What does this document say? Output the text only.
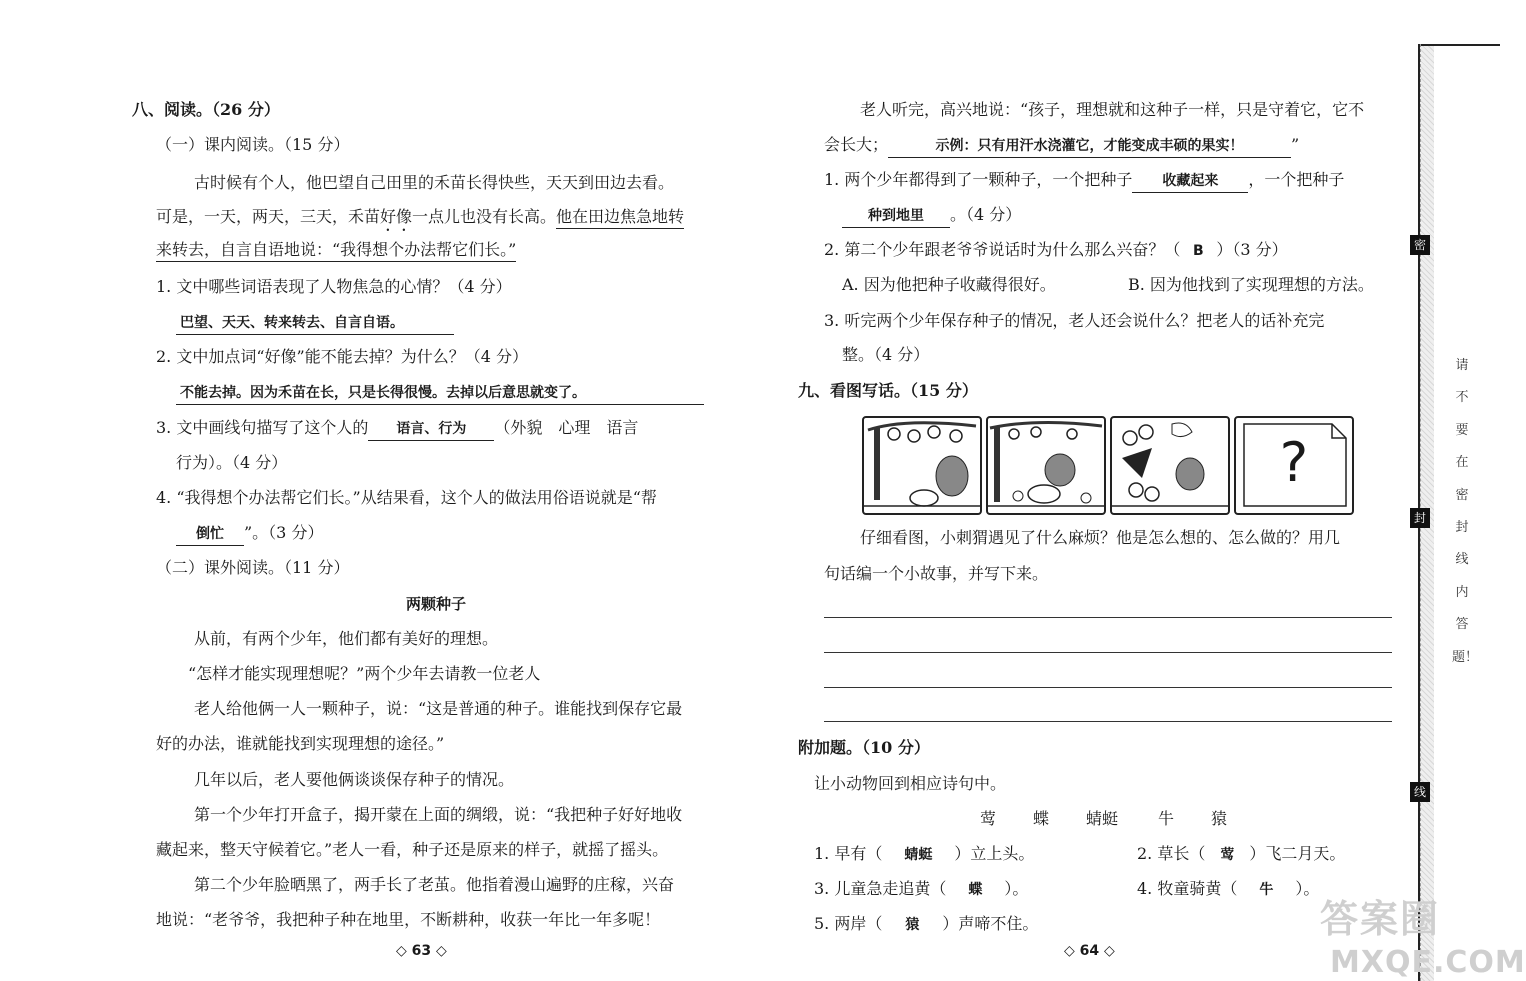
八、阅读。（26 分）
（一）课内阅读。（15 分）
古时候有个人，他巴望自己田里的禾苗长得快些，天天到田边去看。
可是，一天，两天，三天，禾苗好像一点儿也没有长高。他在田边焦急地转
来转去，自言自语地说：“我得想个办法帮它们长。”
1. 文中哪些词语表现了人物焦急的心情？（4 分）
巴望、天天、转来转去、自言自语。
2. 文中加点词“好像”能不能去掉？为什么？（4 分）
不能去掉。因为禾苗在长，只是长得很慢。去掉以后意思就变了。
3. 文中画线句描写了这个人的 语言、行为 （外貌　心理　语言
行为）。（4 分）
4. “我得想个办法帮它们长。”从结果看，这个人的做法用俗语说就是“帮
倒忙 ”。（3 分）
（二）课外阅读。（11 分）
两颗种子
从前，有两个少年，他们都有美好的理想。
“怎样才能实现理想呢？”两个少年去请教一位老人
老人给他俩一人一颗种子，说：“这是普通的种子。谁能找到保存它最
好的办法，谁就能找到实现理想的途径。”
几年以后，老人要他俩谈谈保存种子的情况。
第一个少年打开盒子，揭开蒙在上面的绸缎，说：“我把种子好好地收
藏起来，整天守候着它。”老人一看，种子还是原来的样子，就摇了摇头。
第二个少年脸晒黑了，两手长了老茧。他指着漫山遍野的庄稼，兴奋
地说：“老爷爷，我把种子种在地里，不断耕种，收获一年比一年多呢！
◇ 63 ◇
老人听完，高兴地说：“孩子，理想就和这种子一样，只是守着它，它不
会长大；	示例：只有用汗水浇灌它，才能变成丰硕的果实！	”
1. 两个少年都得到了一颗种子，一个把种子 收藏起来 ，一个把种子
种到地里 。（4 分）
2. 第二个少年跟老爷爷说话时为什么那么兴奋？（ B ）（3 分）
A. 因为他把种子收藏得很好。	B. 因为他找到了实现理想的方法。
3. 听完两个少年保存种子的情况，老人还会说什么？把老人的话补充完
整。（4 分）
九、看图写话。（15 分）
?
仔细看图，小刺猬遇见了什么麻烦？他是怎么想的、怎么做的？用几
句话编一个小故事，并写下来。
附加题。（10 分）
让小动物回到相应诗句中。
莺 蝶 蜻蜓 牛 猿
1. 早有（ 蜻蜓 ）立上头。	2. 草长（ 莺 ）飞二月天。
3. 儿童急走追黄（ 蝶 ）。	4. 牧童骑黄（ 牛 ）。
5. 两岸（ 猿 ）声啼不住。
◇ 64 ◇
密
封
线
请不要在密封线内答题！
答案圈
MXQE.COM
